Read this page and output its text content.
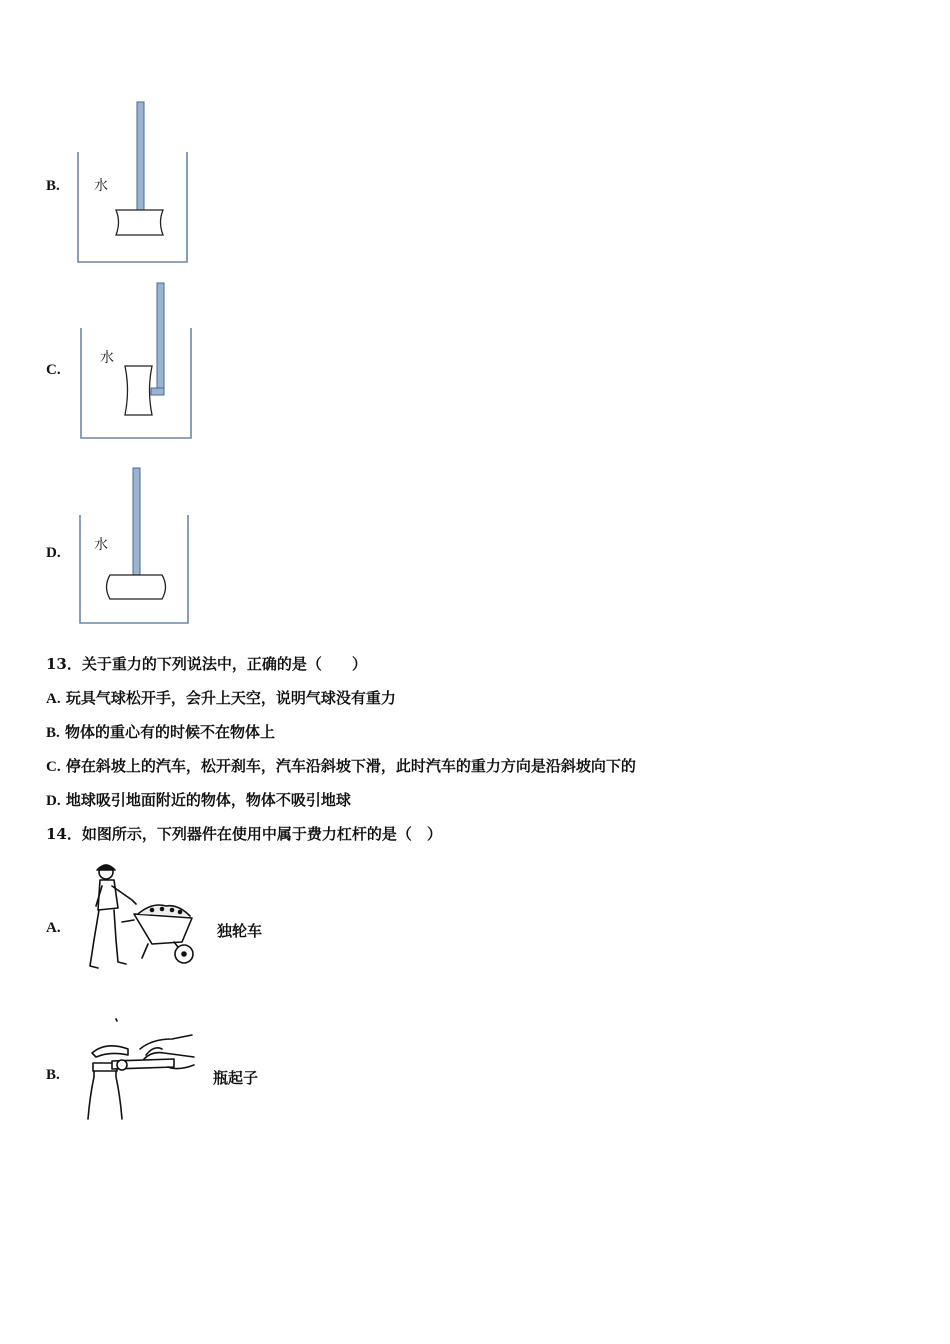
B. 水
C.
水
D. 水
13．关于重力的下列说法中，正确的是（　　）
A. 玩具气球松开手，会升上天空，说明气球没有重力
B. 物体的重心有的时候不在物体上
C. 停在斜坡上的汽车，松开刹车，汽车沿斜坡下滑，此时汽车的重力方向是沿斜坡向下的
D. 地球吸引地面附近的物体，物体不吸引地球
14．如图所示，下列器件在使用中属于费力杠杆的是（　）
A.	独轮车
B.	瓶起子
